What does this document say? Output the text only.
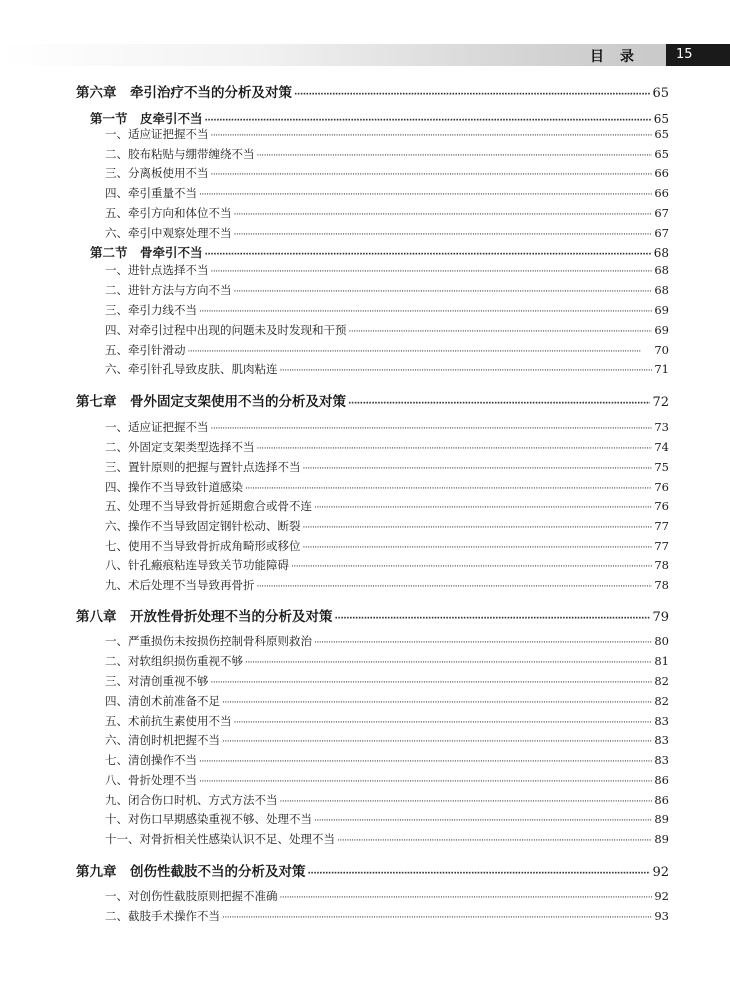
目录	15
第六章　牵引治疗不当的分析及对策 ·····	65
第一节　皮牵引不当 ·····	65
一、适应证把握不当 ·····	65
二、胶布粘贴与绷带缠绕不当 ·····	65
三、分离板使用不当 ·····	66
四、牵引重量不当 ·····	66
五、牵引方向和体位不当 ·····	67
六、牵引中观察处理不当 ·····	67
第二节　骨牵引不当 ·····	68
一、进针点选择不当 ·····	68
二、进针方法与方向不当 ·····	68
三、牵引力线不当 ·····	69
四、对牵引过程中出现的问题未及时发现和干预 ·····	69
五、牵引针滑动 ·····	70
六、牵引针孔导致皮肤、肌肉粘连 ·····	71
第七章　骨外固定支架使用不当的分析及对策 ·····	72
一、适应证把握不当 ·····	73
二、外固定支架类型选择不当 ·····	74
三、置针原则的把握与置针点选择不当 ·····	75
四、操作不当导致针道感染 ·····	76
五、处理不当导致骨折延期愈合或骨不连 ·····	76
六、操作不当导致固定钢针松动、断裂 ·····	77
七、使用不当导致骨折成角畸形或移位 ·····	77
八、针孔瘢痕粘连导致关节功能障碍 ·····	78
九、术后处理不当导致再骨折 ·····	78
第八章　开放性骨折处理不当的分析及对策 ·····	79
一、严重损伤未按损伤控制骨科原则救治 ·····	80
二、对软组织损伤重视不够 ·····	81
三、对清创重视不够 ·····	82
四、清创术前准备不足 ·····	82
五、术前抗生素使用不当 ·····	83
六、清创时机把握不当 ·····	83
七、清创操作不当 ·····	83
八、骨折处理不当 ·····	86
九、闭合伤口时机、方式方法不当 ·····	86
十、对伤口早期感染重视不够、处理不当 ·····	89
十一、对骨折相关性感染认识不足、处理不当 ·····	89
第九章　创伤性截肢不当的分析及对策 ·····	92
一、对创伤性截肢原则把握不准确 ·····	92
二、截肢手术操作不当 ·····	93
